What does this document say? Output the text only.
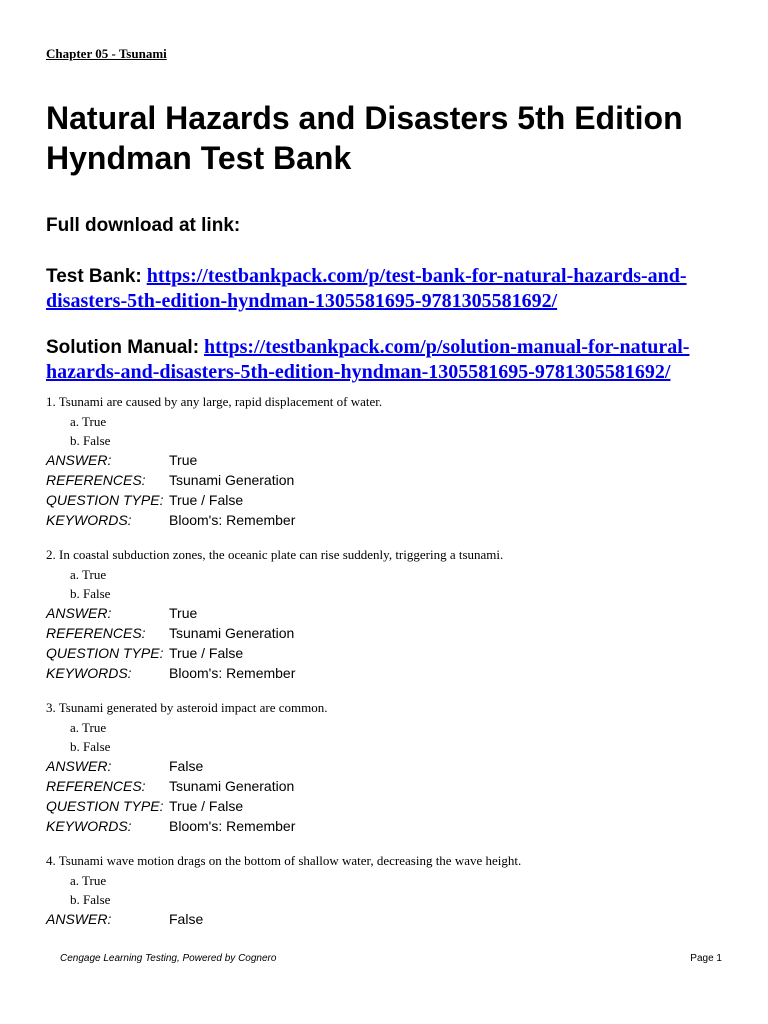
Chapter 05 - Tsunami
Natural Hazards and Disasters 5th Edition
Hyndman Test Bank
Full download at link:

Test Bank: https://testbankpack.com/p/test-bank-for-natural-hazards-and-
disasters-5th-edition-hyndman-1305581695-9781305581692/

Solution Manual: https://testbankpack.com/p/solution-manual-for-natural-
hazards-and-disasters-5th-edition-hyndman-1305581695-9781305581692/

1. Tsunami are caused by any large, rapid displacement of water.
a. True
b. False
ANSWER:	True
REFERENCES:	Tsunami Generation
QUESTION TYPE: True / False
KEYWORDS:	Bloom's: Remember
2. In coastal subduction zones, the oceanic plate can rise suddenly, triggering a tsunami.
a. True
b. False
ANSWER:	True
REFERENCES:	Tsunami Generation
QUESTION TYPE: True / False
KEYWORDS:	Bloom's: Remember
3. Tsunami generated by asteroid impact are common.
a. True
b. False
ANSWER:	False
REFERENCES:	Tsunami Generation
QUESTION TYPE: True / False
KEYWORDS:	Bloom's: Remember
4. Tsunami wave motion drags on the bottom of shallow water, decreasing the wave height.
a. True
b. False
ANSWER:	False
Cengage Learning Testing, Powered by Cognero	Page 1
